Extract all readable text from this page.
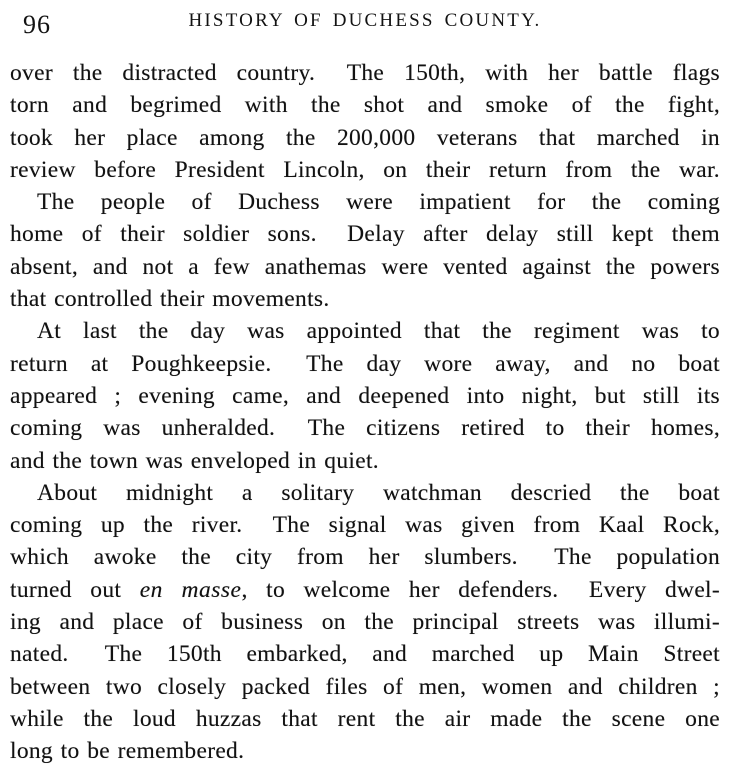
96	HISTORY OF DUCHESS COUNTY.
over the distracted country.  The 150th, with her battle flags
torn and begrimed with the shot and smoke of the fight,
took her place among the 200,000 veterans that marched in
review before President Lincoln, on their return from the war.
The people of Duchess were impatient for the coming
home of their soldier sons.  Delay after delay still kept them
absent, and not a few anathemas were vented against the powers
that controlled their movements.
At last the day was appointed that the regiment was to
return at Poughkeepsie.  The day wore away, and no boat
appeared ; evening came, and deepened into night, but still its
coming was unheralded.  The citizens retired to their homes,
and the town was enveloped in quiet.
About midnight a solitary watchman descried the boat
coming up the river.  The signal was given from Kaal Rock,
which awoke the city from her slumbers.  The population
turned out en masse, to welcome her defenders.  Every dwel-
ing and place of business on the principal streets was illumi-
nated.  The 150th embarked, and marched up Main Street
between two closely packed files of men, women and children ;
while the loud huzzas that rent the air made the scene one
long to be remembered.
